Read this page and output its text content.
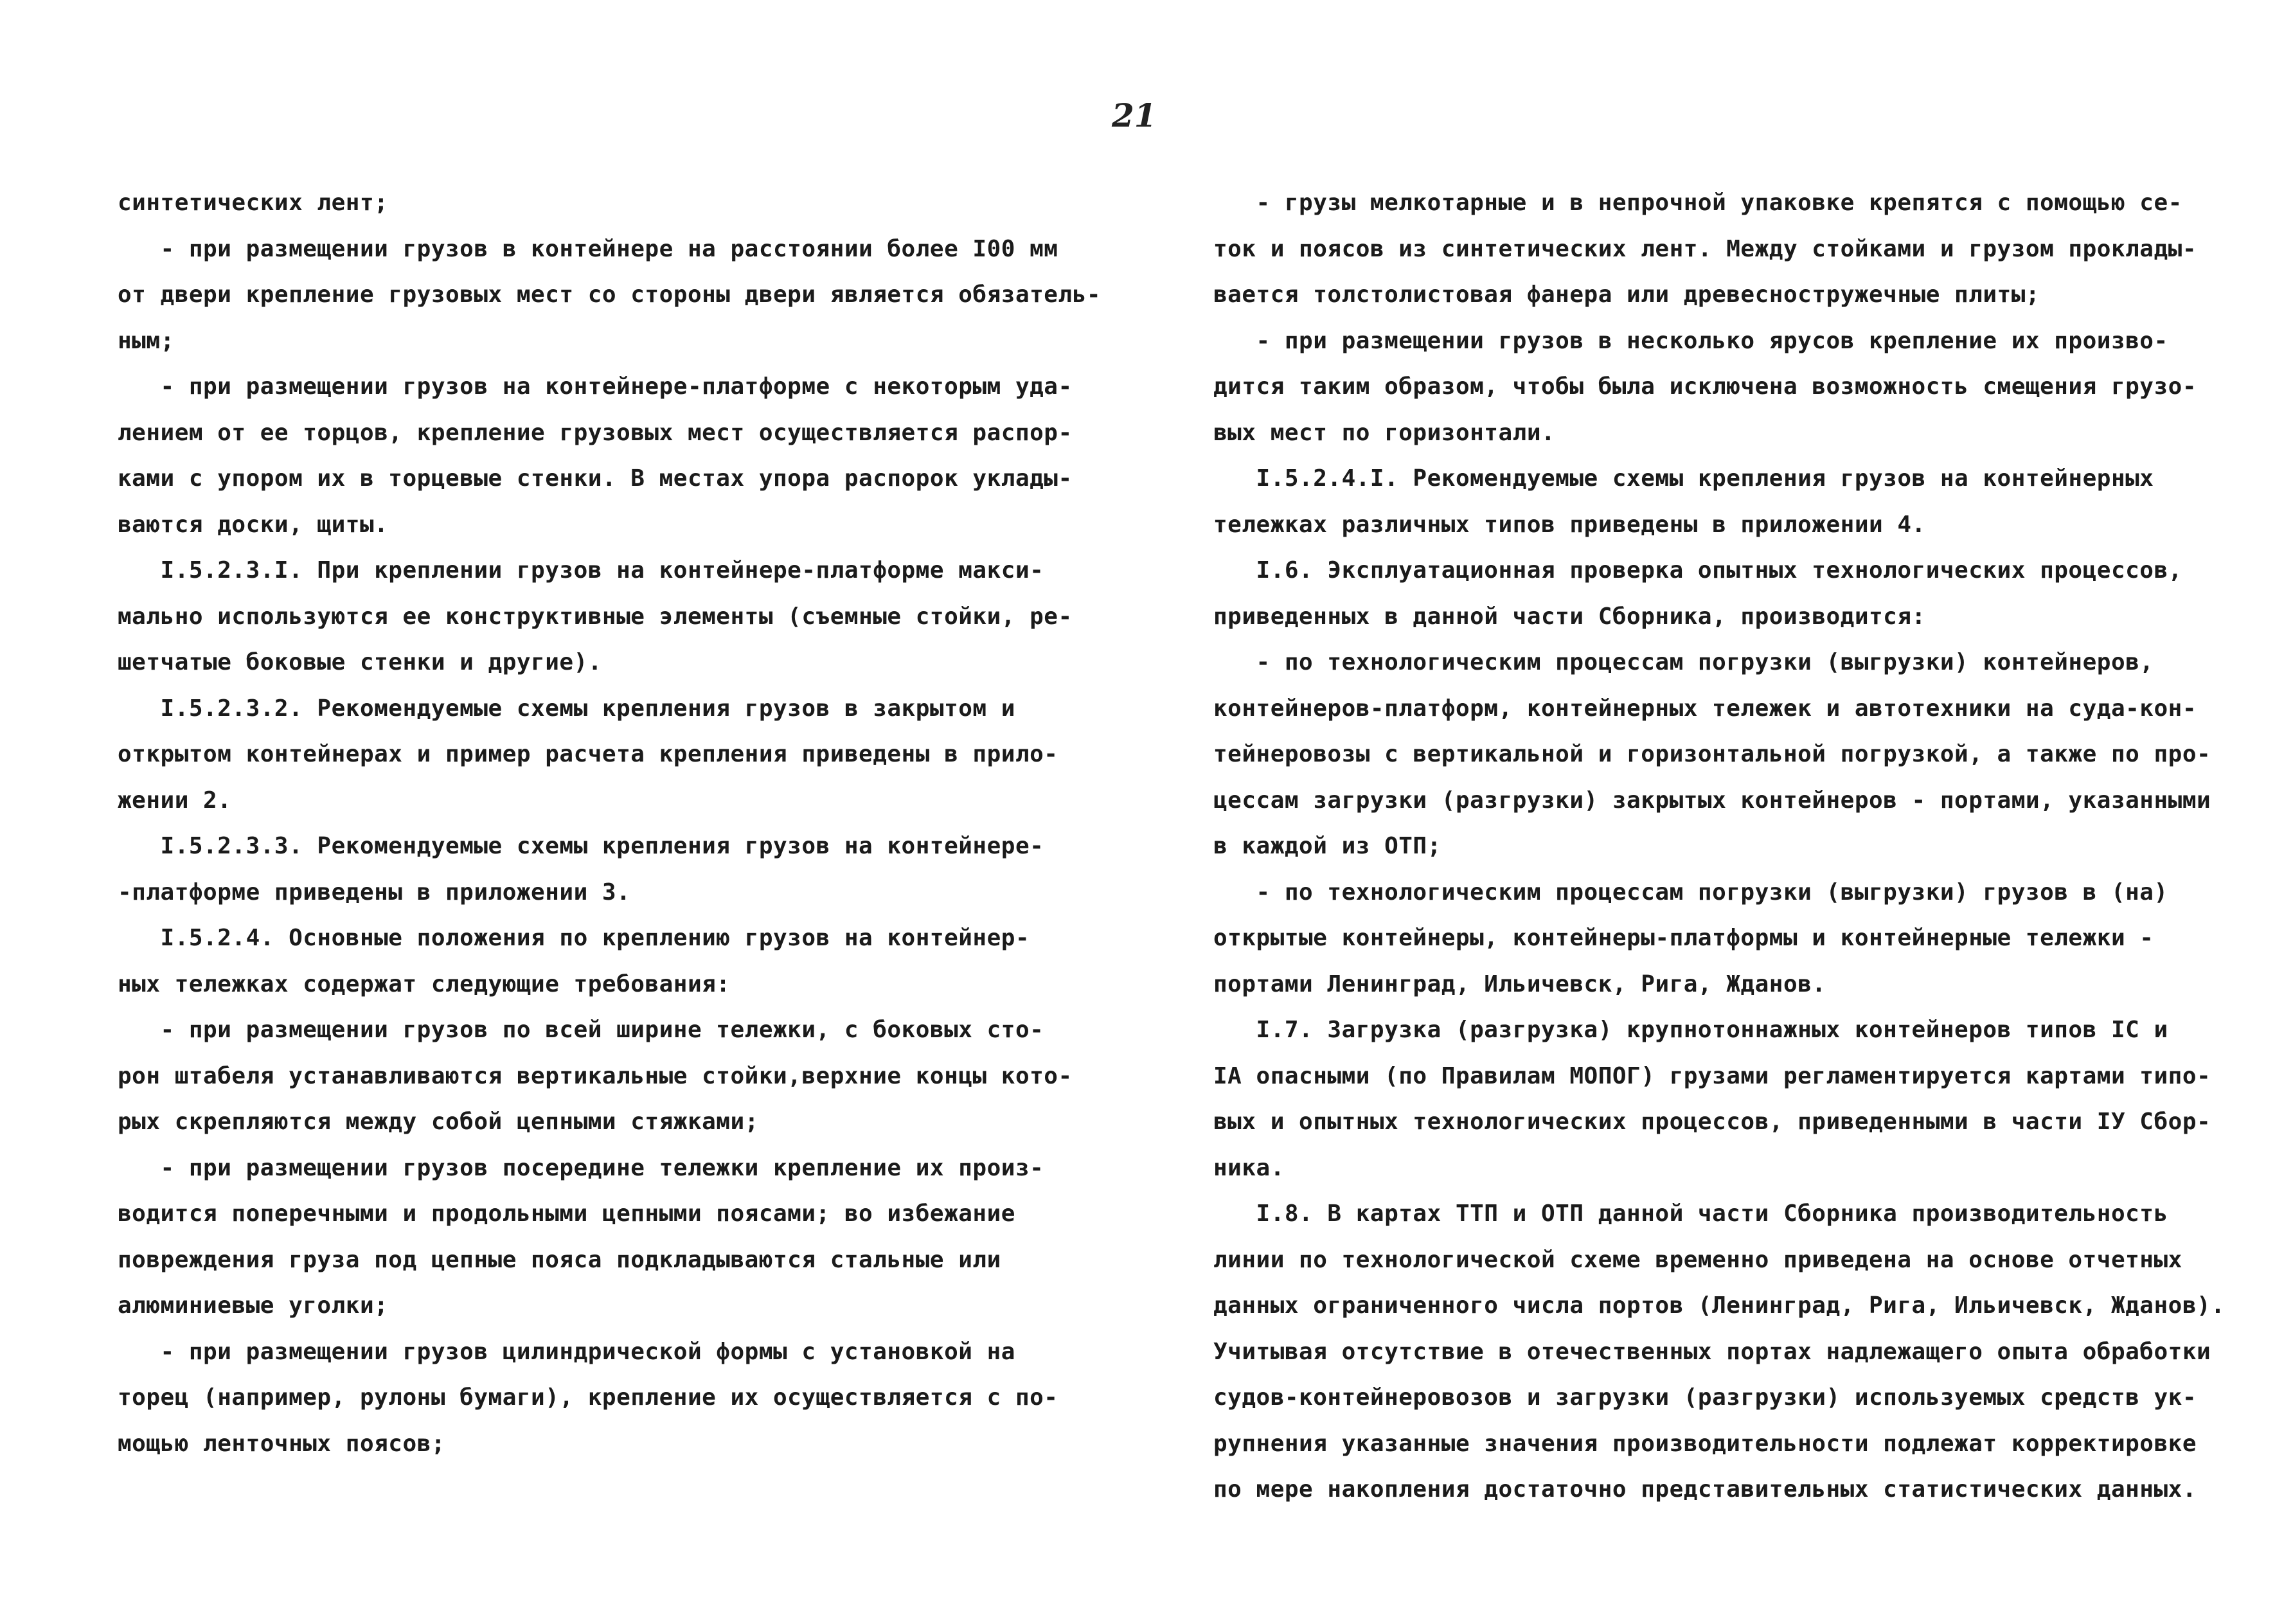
21
синтетических лент;
- при размещении грузов в контейнере на расстоянии более I00 мм
от двери крепление грузовых мест со стороны двери является обязатель-
ным;
- при размещении грузов на контейнере-платформе с некоторым уда-
лением от ее торцов, крепление грузовых мест осуществляется распор-
ками с упором их в торцевые стенки. В местах упора распорок уклады-
ваются доски, щиты.
I.5.2.3.I. При креплении грузов на контейнере-платформе макси-
мально используются ее конструктивные элементы (съемные стойки, ре-
шетчатые боковые стенки и другие).
I.5.2.3.2. Рекомендуемые схемы крепления грузов в закрытом и
открытом контейнерах и пример расчета крепления приведены в прило-
жении 2.
I.5.2.3.3. Рекомендуемые схемы крепления грузов на контейнере-
-платформе приведены в приложении 3.
I.5.2.4. Основные положения по креплению грузов на контейнер-
ных тележках содержат следующие требования:
- при размещении грузов по всей ширине тележки, с боковых сто-
рон штабеля устанавливаются вертикальные стойки,верхние концы кото-
рых скрепляются между собой цепными стяжками;
- при размещении грузов посередине тележки крепление их произ-
водится поперечными и продольными цепными поясами; во избежание
повреждения груза под цепные пояса подкладываются стальные или
алюминиевые уголки;
- при размещении грузов цилиндрической формы с установкой на
торец (например, рулоны бумаги), крепление их осуществляется с по-
мощью ленточных поясов;
- грузы мелкотарные и в непрочной упаковке крепятся с помощью се-
ток и поясов из синтетических лент. Между стойками и грузом проклады-
вается толстолистовая фанера или древесностружечные плиты;
- при размещении грузов в несколько ярусов крепление их произво-
дится таким образом, чтобы была исключена возможность смещения грузо-
вых мест по горизонтали.
I.5.2.4.I. Рекомендуемые схемы крепления грузов на контейнерных
тележках различных типов приведены в приложении 4.
I.6. Эксплуатационная проверка опытных технологических процессов,
приведенных в данной части Сборника, производится:
- по технологическим процессам погрузки (выгрузки) контейнеров,
контейнеров-платформ, контейнерных тележек и автотехники на суда-кон-
тейнеровозы с вертикальной и горизонтальной погрузкой, а также по про-
цессам загрузки (разгрузки) закрытых контейнеров - портами, указанными
в каждой из ОТП;
- по технологическим процессам погрузки (выгрузки) грузов в (на)
открытые контейнеры, контейнеры-платформы и контейнерные тележки -
портами Ленинград, Ильичевск, Рига, Жданов.
I.7. Загрузка (разгрузка) крупнотоннажных контейнеров типов IС и
IА опасными (по Правилам МОПОГ) грузами регламентируется картами типо-
вых и опытных технологических процессов, приведенными в части IУ Сбор-
ника.
I.8. В картах ТТП и ОТП данной части Сборника производительность
линии по технологической схеме временно приведена на основе отчетных
данных ограниченного числа портов (Ленинград, Рига, Ильичевск, Жданов).
Учитывая отсутствие в отечественных портах надлежащего опыта обработки
судов-контейнеровозов и загрузки (разгрузки) используемых средств ук-
рупнения указанные значения производительности подлежат корректировке
по мере накопления достаточно представительных статистических данных.
